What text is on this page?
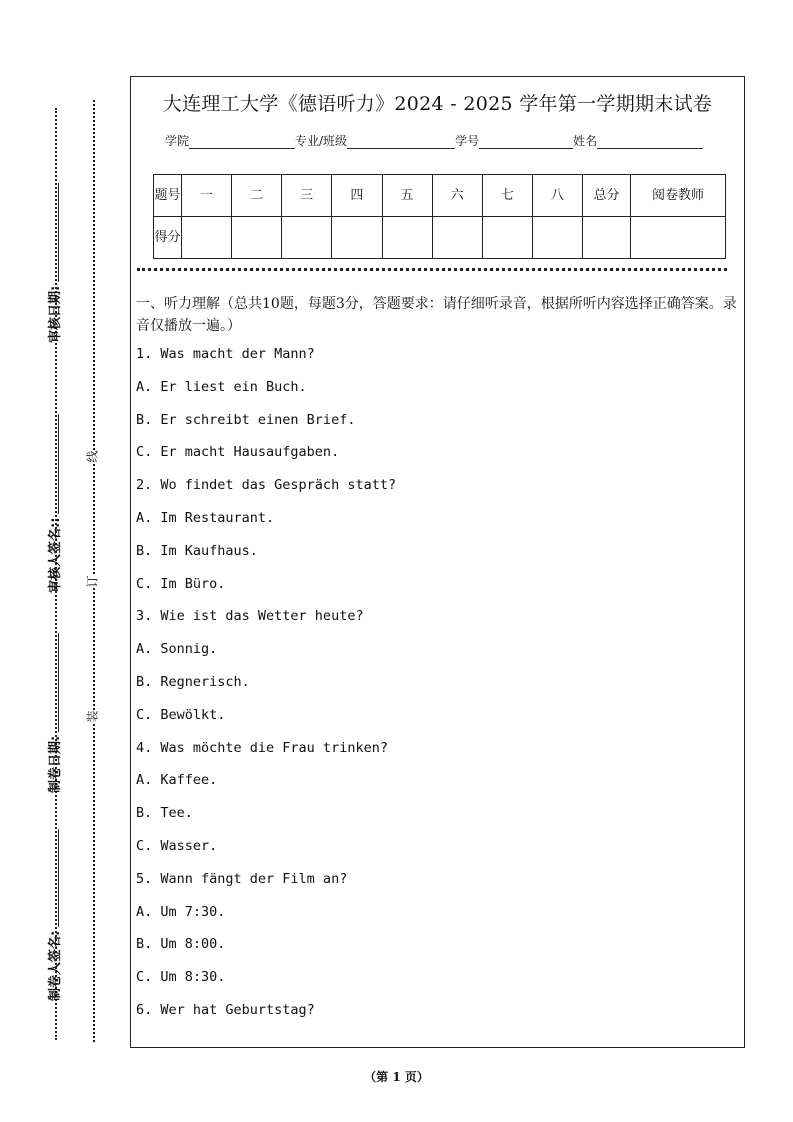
审核日期:
审核人签名::
制卷日期:
制卷人签名:
线
订
装
大连理工大学《德语听力》2024 - 2025 学年第一学期期末试卷
学院	专业/班级	学号	姓名
题号	一	二	三	四	五	六	七	八	总分	阅卷教师
得分										
一、听力理解（总共10题，每题3分，答题要求：请仔细听录音，根据所听内容选择正确答案。录音仅播放一遍。）
1. Was macht der Mann?
A. Er liest ein Buch.
B. Er schreibt einen Brief.
C. Er macht Hausaufgaben.
2. Wo findet das Gespräch statt?
A. Im Restaurant.
B. Im Kaufhaus.
C. Im Büro.
3. Wie ist das Wetter heute?
A. Sonnig.
B. Regnerisch.
C. Bewölkt.
4. Was möchte die Frau trinken?
A. Kaffee.
B. Tee.
C. Wasser.
5. Wann fängt der Film an?
A. Um 7:30.
B. Um 8:00.
C. Um 8:30.
6. Wer hat Geburtstag?
（第 1 页）
